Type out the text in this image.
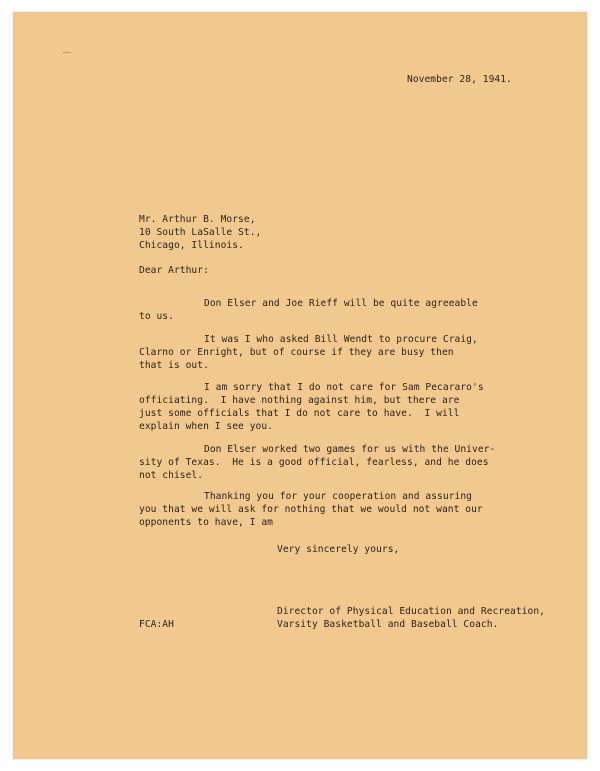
November 28, 1941.
Mr. Arthur B. Morse,
10 South LaSalle St.,
Chicago, Illinois.
Dear Arthur:
Don Elser and Joe Rieff will be quite agreeable
to us.
It was I who asked Bill Wendt to procure Craig,
Clarno or Enright, but of course if they are busy then
that is out.
I am sorry that I do not care for Sam Pecararo's
officiating.  I have nothing against him, but there are
just some officials that I do not care to have.  I will
explain when I see you.
Don Elser worked two games for us with the Univer-
sity of Texas.  He is a good official, fearless, and he does
not chisel.
Thanking you for your cooperation and assuring
you that we will ask for nothing that we would not want our
opponents to have, I am
Very sincerely yours,
Director of Physical Education and Recreation,
Varsity Basketball and Baseball Coach.
FCA:AH
